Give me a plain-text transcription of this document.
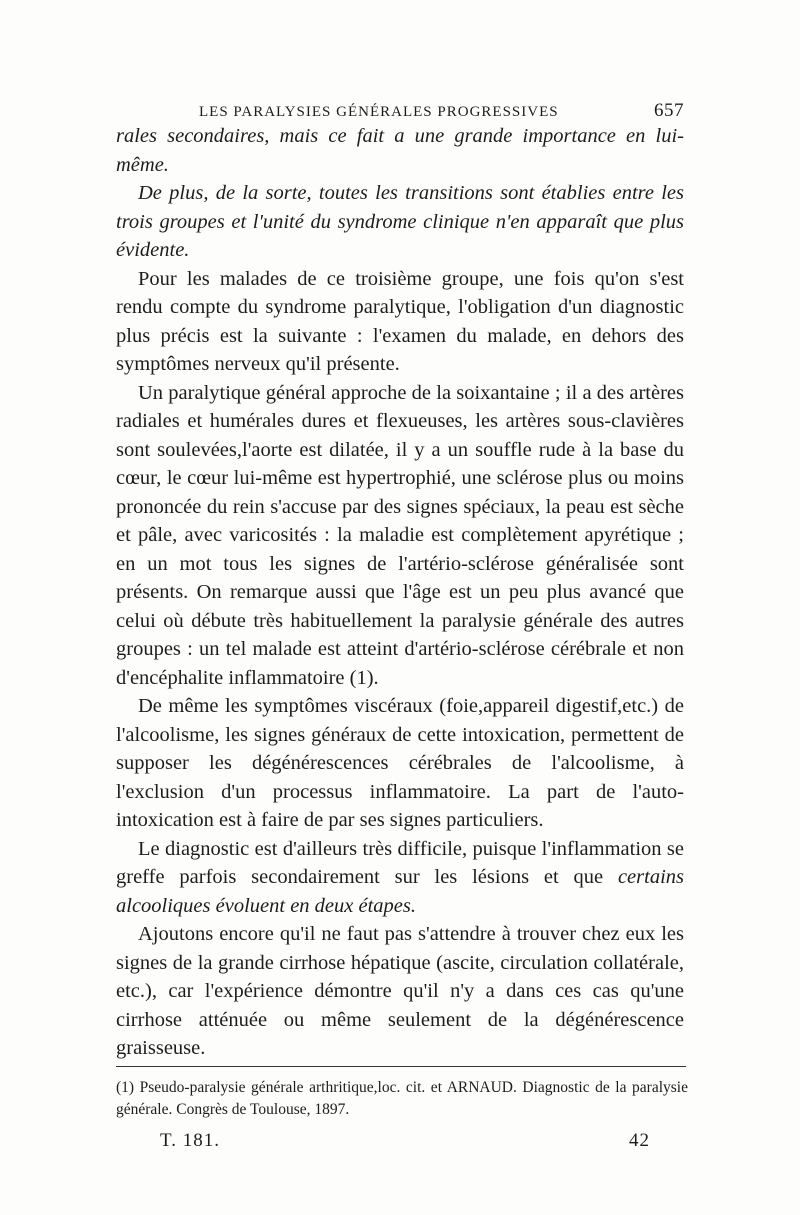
LES PARALYSIES GÉNÉRALES PROGRESSIVES	657

rales secondaires, mais ce fait a une grande importance en lui-même.

De plus, de la sorte, toutes les transitions sont établies entre les trois groupes et l'unité du syndrome clinique n'en apparaît que plus évidente.

Pour les malades de ce troisième groupe, une fois qu'on s'est rendu compte du syndrome paralytique, l'obligation d'un diagnostic plus précis est la suivante : l'examen du malade, en dehors des symptômes nerveux qu'il présente.

Un paralytique général approche de la soixantaine ; il a des artères radiales et humérales dures et flexueuses, les artères sous-clavières sont soulevées,l'aorte est dilatée, il y a un souffle rude à la base du cœur, le cœur lui-même est hypertrophié, une sclérose plus ou moins prononcée du rein s'accuse par des signes spéciaux, la peau est sèche et pâle, avec varicosités : la maladie est complètement apyrétique ; en un mot tous les signes de l'artério-sclérose généralisée sont présents. On remarque aussi que l'âge est un peu plus avancé que celui où débute très habituellement la paralysie générale des autres groupes : un tel malade est atteint d'artério-sclérose cérébrale et non d'encéphalite inflammatoire (1).

De même les symptômes viscéraux (foie,appareil digestif,etc.) de l'alcoolisme, les signes généraux de cette intoxication, permettent de supposer les dégénérescences cérébrales de l'alcoolisme, à l'exclusion d'un processus inflammatoire. La part de l'auto-intoxication est à faire de par ses signes particuliers.

Le diagnostic est d'ailleurs très difficile, puisque l'inflammation se greffe parfois secondairement sur les lésions et que certains alcooliques évoluent en deux étapes.

Ajoutons encore qu'il ne faut pas s'attendre à trouver chez eux les signes de la grande cirrhose hépatique (ascite, circulation collatérale, etc.), car l'expérience démontre qu'il n'y a dans ces cas qu'une cirrhose atténuée ou même seulement de la dégénérescence graisseuse.

(1) Pseudo-paralysie générale arthritique,loc. cit. et ARNAUD. Diagnostic de la paralysie générale. Congrès de Toulouse, 1897.

T. 181.	42
